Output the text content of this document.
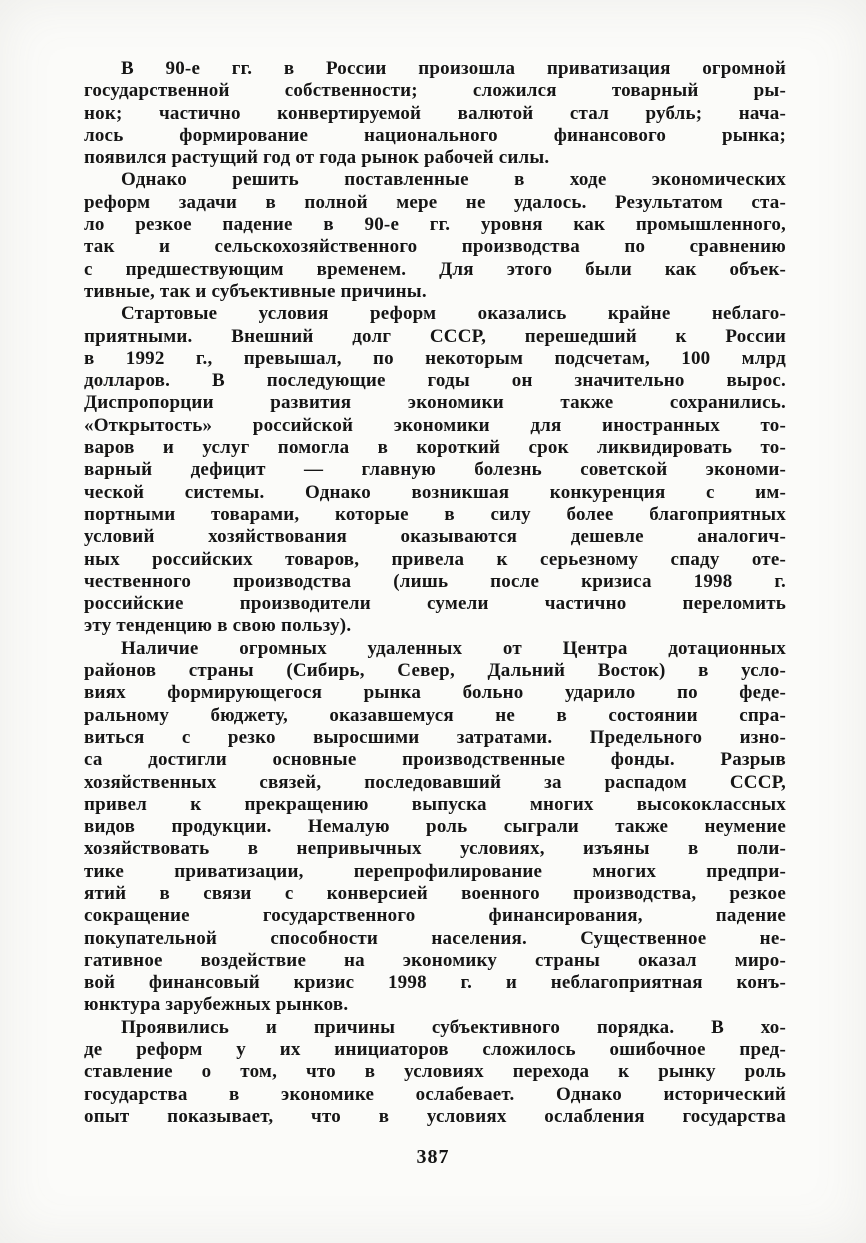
В 90-е гг. в России произошла приватизация огромной
государственной собственности; сложился товарный ры-
нок; частично конвертируемой валютой стал рубль; нача-
лось формирование национального финансового рынка;
появился растущий год от года рынок рабочей силы.

Однако решить поставленные в ходе экономических
реформ задачи в полной мере не удалось. Результатом ста-
ло резкое падение в 90-е гг. уровня как промышленного,
так и сельскохозяйственного производства по сравнению
с предшествующим временем. Для этого были как объек-
тивные, так и субъективные причины.

Стартовые условия реформ оказались крайне неблаго-
приятными. Внешний долг СССР, перешедший к России
в 1992 г., превышал, по некоторым подсчетам, 100 млрд
долларов. В последующие годы он значительно вырос.
Диспропорции развития экономики также сохранились.
«Открытость» российской экономики для иностранных то-
варов и услуг помогла в короткий срок ликвидировать то-
варный дефицит — главную болезнь советской экономи-
ческой системы. Однако возникшая конкуренция с им-
портными товарами, которые в силу более благоприятных
условий хозяйствования оказываются дешевле аналогич-
ных российских товаров, привела к серьезному спаду оте-
чественного производства (лишь после кризиса 1998 г.
российские производители сумели частично переломить
эту тенденцию в свою пользу).

Наличие огромных удаленных от Центра дотационных
районов страны (Сибирь, Север, Дальний Восток) в усло-
виях формирующегося рынка больно ударило по феде-
ральному бюджету, оказавшемуся не в состоянии спра-
виться с резко выросшими затратами. Предельного изно-
са достигли основные производственные фонды. Разрыв
хозяйственных связей, последовавший за распадом СССР,
привел к прекращению выпуска многих высококлассных
видов продукции. Немалую роль сыграли также неумение
хозяйствовать в непривычных условиях, изъяны в поли-
тике приватизации, перепрофилирование многих предпри-
ятий в связи с конверсией военного производства, резкое
сокращение государственного финансирования, падение
покупательной способности населения. Существенное не-
гативное воздействие на экономику страны оказал миро-
вой финансовый кризис 1998 г. и неблагоприятная конъ-
юнктура зарубежных рынков.

Проявились и причины субъективного порядка. В хо-
де реформ у их инициаторов сложилось ошибочное пред-
ставление о том, что в условиях перехода к рынку роль
государства в экономике ослабевает. Однако исторический
опыт показывает, что в условиях ослабления государства

387
